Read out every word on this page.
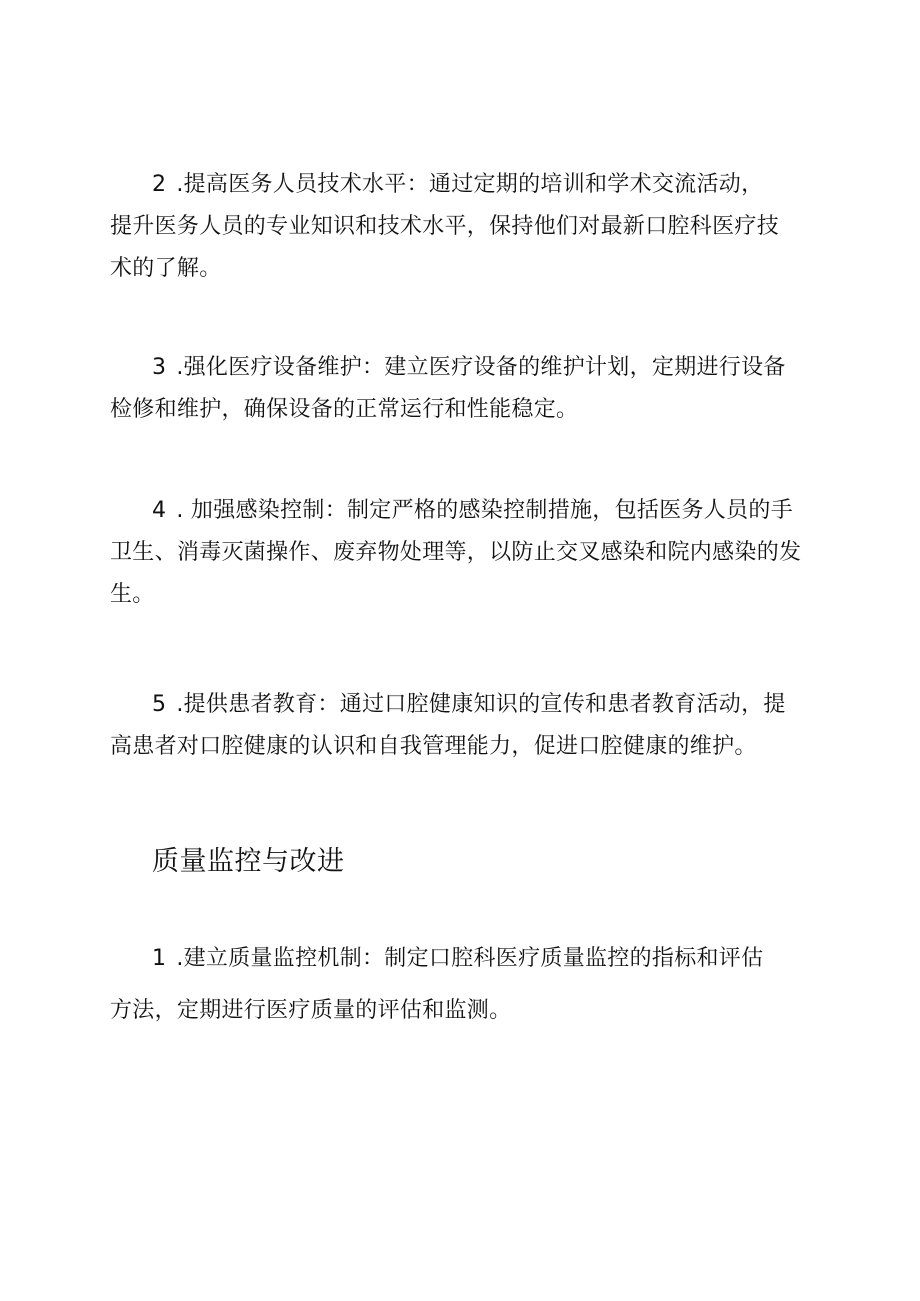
2 .提高医务人员技术水平：通过定期的培训和学术交流活动，
提升医务人员的专业知识和技术水平，保持他们对最新口腔科医疗技
术的了解。
3 .强化医疗设备维护：建立医疗设备的维护计划，定期进行设备
检修和维护，确保设备的正常运行和性能稳定。
4 . 加强感染控制：制定严格的感染控制措施，包括医务人员的手
卫生、消毒灭菌操作、废弃物处理等，以防止交叉感染和院内感染的发
生。
5 .提供患者教育：通过口腔健康知识的宣传和患者教育活动，提
高患者对口腔健康的认识和自我管理能力，促进口腔健康的维护。
质量监控与改进
1 .建立质量监控机制：制定口腔科医疗质量监控的指标和评估
方法，定期进行医疗质量的评估和监测。
